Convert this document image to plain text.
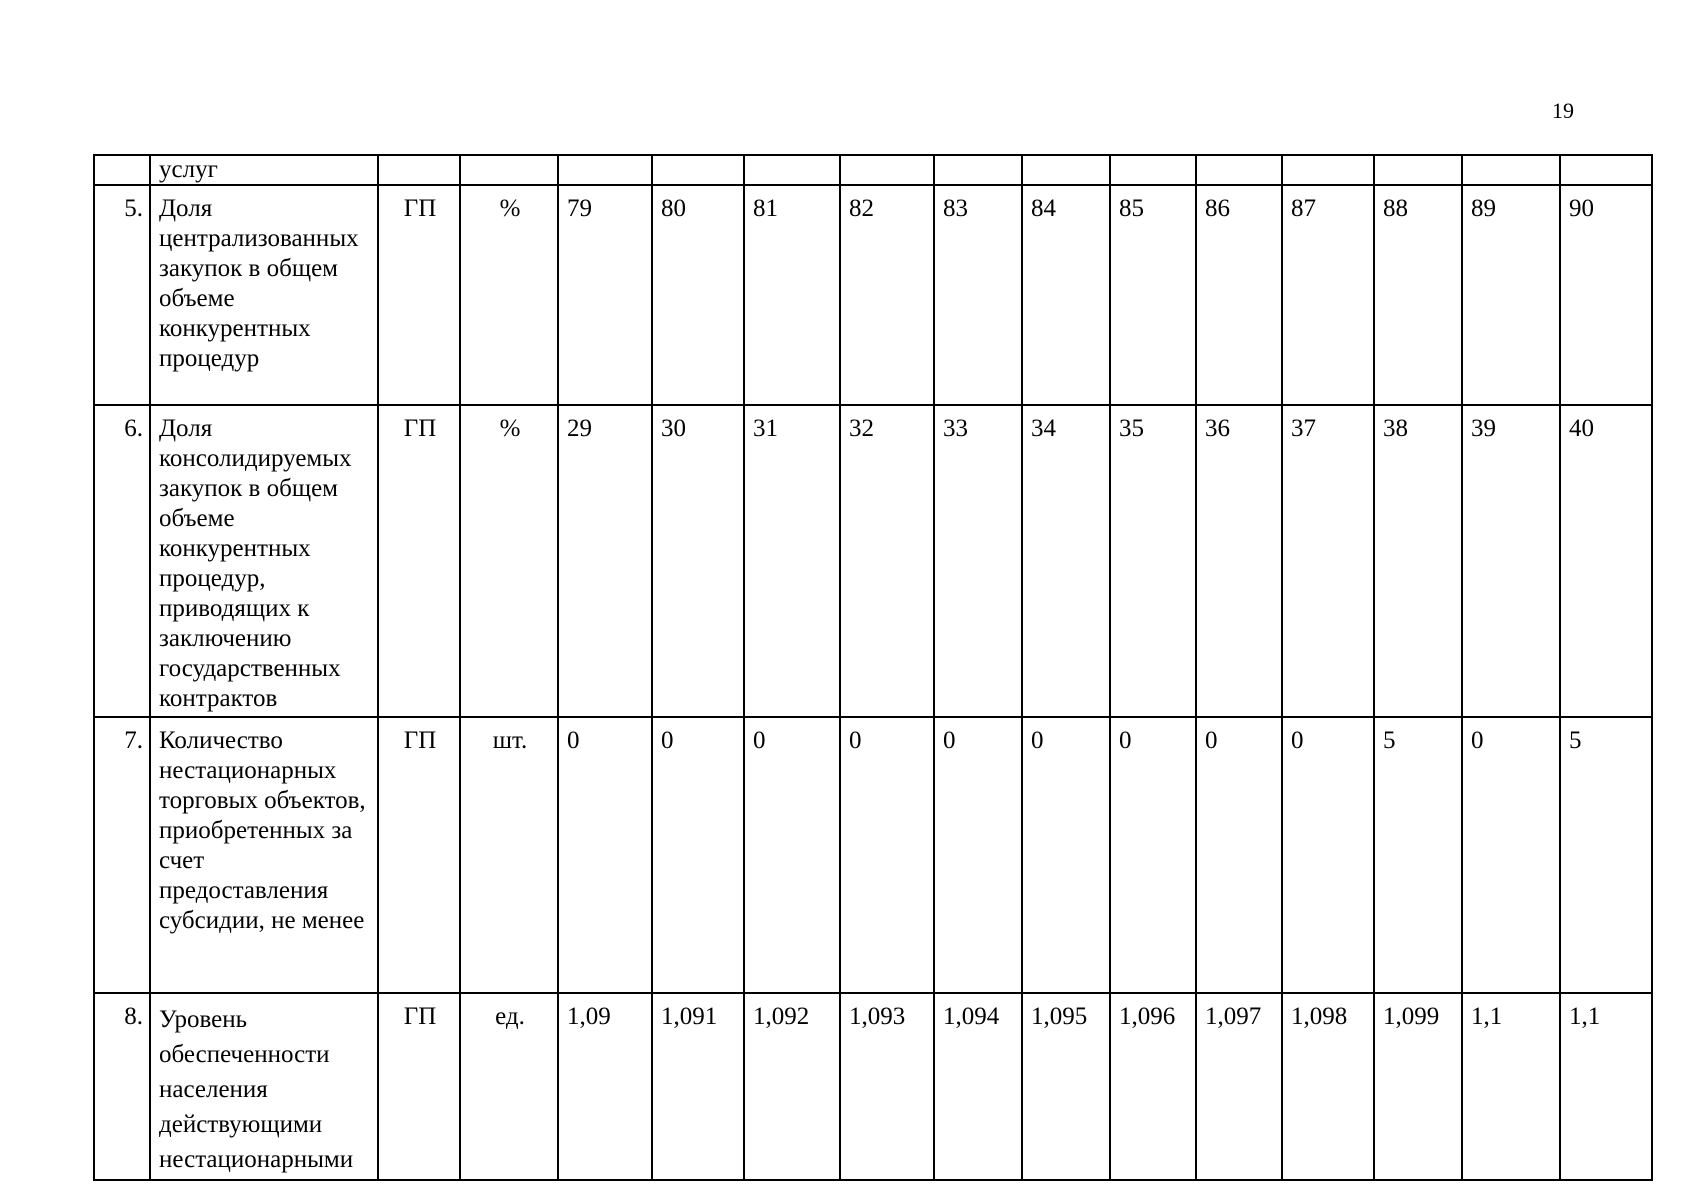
19
	услуг														
5.	Доля централизованных закупок в общем объеме конкурентных процедур	ГП	%	79	80	81	82	83	84	85	86	87	88	89	90
6.	Доля консолидируемых закупок в общем объеме конкурентных процедур, приводящих к заключению государственных контрактов	ГП	%	29	30	31	32	33	34	35	36	37	38	39	40
7.	Количество нестационарных торговых объектов, приобретенных за счет предоставления субсидии, не менее	ГП	шт.	0	0	0	0	0	0	0	0	0	5	0	5
8.	Уровень обеспеченности населения действующими нестационарными	ГП	ед.	1,09	1,091	1,092	1,093	1,094	1,095	1,096	1,097	1,098	1,099	1,1	1,1
